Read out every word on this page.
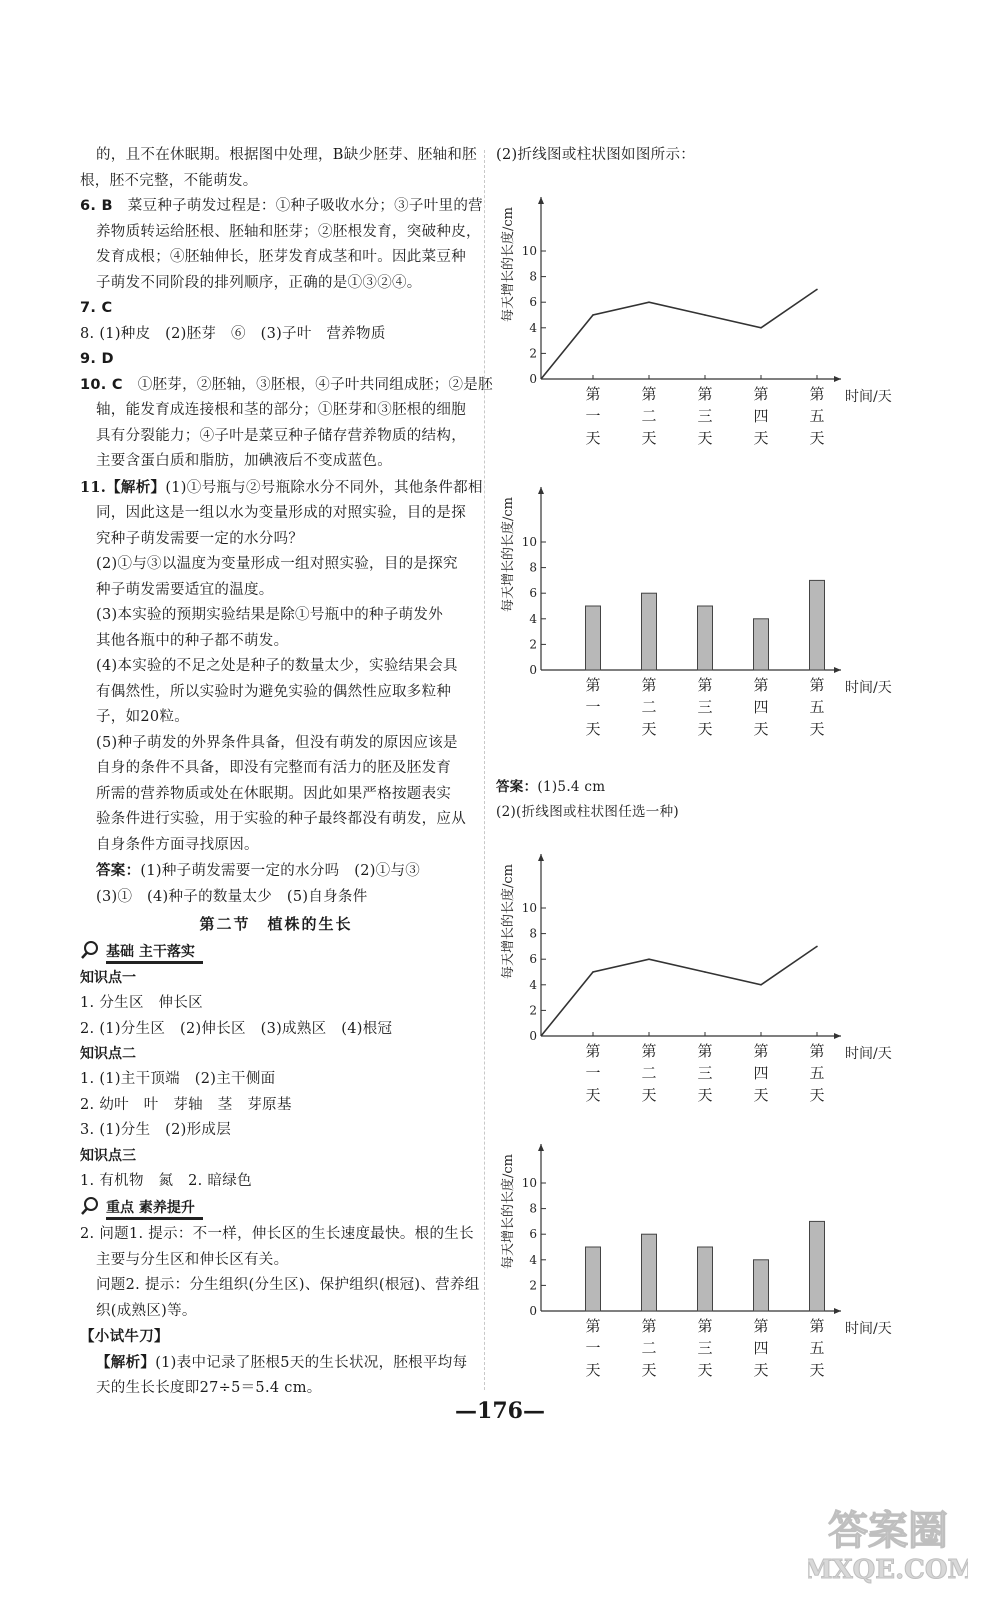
的，且不在休眠期。根据图中处理，B缺少胚芽、胚轴和胚
根，胚不完整，不能萌发。
6. B　 菜豆种子萌发过程是：①种子吸收水分；③子叶里的营
养物质转运给胚根、胚轴和胚芽；②胚根发育，突破种皮，
发育成根；④胚轴伸长，胚芽发育成茎和叶。因此菜豆种
子萌发不同阶段的排列顺序，正确的是①③②④。
7. C
8. (1)种皮　(2)胚芽　⑥　(3)子叶　营养物质
9. D
10. C　 ①胚芽，②胚轴，③胚根，④子叶共同组成胚；②是胚
轴，能发育成连接根和茎的部分；①胚芽和③胚根的细胞
具有分裂能力；④子叶是菜豆种子储存营养物质的结构，
主要含蛋白质和脂肪，加碘液后不变成蓝色。
11.【解析】(1)①号瓶与②号瓶除水分不同外，其他条件都相
同，因此这是一组以水为变量形成的对照实验，目的是探
究种子萌发需要一定的水分吗？
(2)①与③以温度为变量形成一组对照实验，目的是探究
种子萌发需要适宜的温度。
(3)本实验的预期实验结果是除①号瓶中的种子萌发外
其他各瓶中的种子都不萌发。
(4)本实验的不足之处是种子的数量太少，实验结果会具
有偶然性，所以实验时为避免实验的偶然性应取多粒种
子，如20粒。
(5)种子萌发的外界条件具备，但没有萌发的原因应该是
自身的条件不具备，即没有完整而有活力的胚及胚发育
所需的营养物质或处在休眠期。因此如果严格按题表实
验条件进行实验，用于实验的种子最终都没有萌发，应从
自身条件方面寻找原因。
答案：(1)种子萌发需要一定的水分吗　(2)①与③
(3)①　(4)种子的数量太少　(5)自身条件
第二节　植株的生长
基础 主干落实
知识点一
1. 分生区　伸长区
2. (1)分生区　(2)伸长区　(3)成熟区　(4)根冠
知识点二
1. (1)主干顶端　(2)主干侧面
2. 幼叶　叶　芽轴　茎　芽原基
3. (1)分生　(2)形成层
知识点三
1. 有机物　氮　2. 暗绿色
重点 素养提升
2. 问题1. 提示：不一样，伸长区的生长速度最快。根的生长
主要与分生区和伸长区有关。
问题2. 提示：分生组织(分生区)、保护组织(根冠)、营养组
织(成熟区)等。
【小试牛刀】
【解析】(1)表中记录了胚根5天的生长状况，胚根平均每
天的生长长度即27÷5＝5.4 cm。
(2)折线图或柱状图如图所示：
0
2
4
6
8
10
每天增长的长度/cm
时间/天
第
一
天
第
二
天
第
三
天
第
四
天
第
五
天
0
2
4
6
8
10
每天增长的长度/cm
时间/天
第
一
天
第
二
天
第
三
天
第
四
天
第
五
天
答案：(1)5.4 cm
(2)(折线图或柱状图任选一种)
0
2
4
6
8
10
每天增长的长度/cm
时间/天
第
一
天
第
二
天
第
三
天
第
四
天
第
五
天
0
2
4
6
8
10
每天增长的长度/cm
时间/天
第
一
天
第
二
天
第
三
天
第
四
天
第
五
天
—176—
答案圈
MXQE.COM
